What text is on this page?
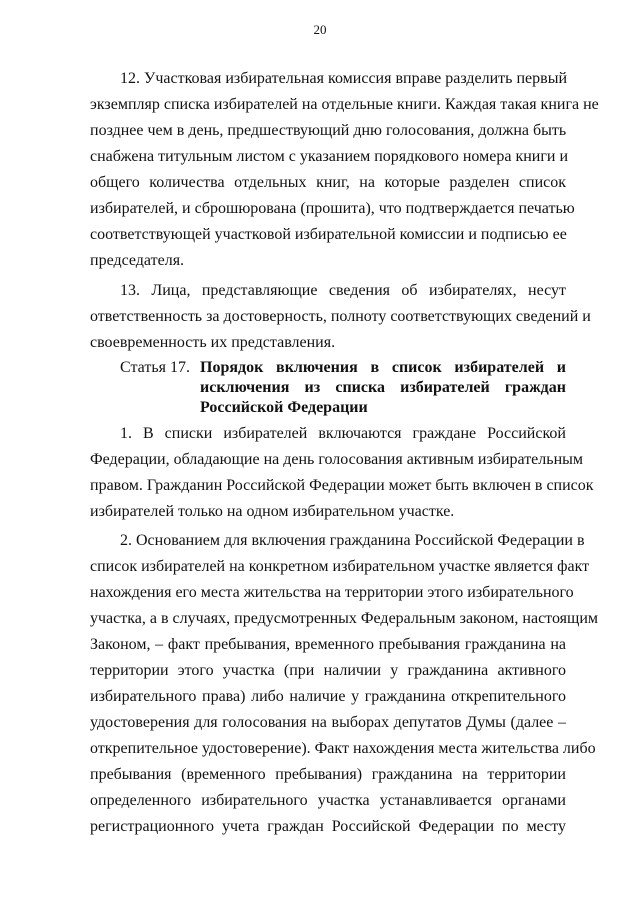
20

12. Участковая избирательная комиссия вправе разделить первый

экземпляр списка избирателей на отдельные книги. Каждая такая книга не

позднее чем в день, предшествующий дню голосования, должна быть

снабжена титульным листом с указанием порядкового номера книги и

общего количества отдельных книг, на которые разделен список

избирателей, и сброшюрована (прошита), что подтверждается печатью

соответствующей участковой избирательной комиссии и подписью ее

председателя.

13. Лица, представляющие сведения об избирателях, несут

ответственность за достоверность, полноту соответствующих сведений и

своевременность их представления.

Статья 17. Порядок включения в список избирателей и
исключения из списка избирателей граждан
Российской Федерации

1. В списки избирателей включаются граждане Российской

Федерации, обладающие на день голосования активным избирательным

правом. Гражданин Российской Федерации может быть включен в список

избирателей только на одном избирательном участке.

2. Основанием для включения гражданина Российской Федерации в

список избирателей на конкретном избирательном участке является факт

нахождения его места жительства на территории этого избирательного

участка, а в случаях, предусмотренных Федеральным законом, настоящим

Законом, – факт пребывания, временного пребывания гражданина на

территории этого участка (при наличии у гражданина активного

избирательного права) либо наличие у гражданина открепительного

удостоверения для голосования на выборах депутатов Думы (далее –

открепительное удостоверение). Факт нахождения места жительства либо

пребывания (временного пребывания) гражданина на территории

определенного избирательного участка устанавливается органами

регистрационного учета граждан Российской Федерации по месту
